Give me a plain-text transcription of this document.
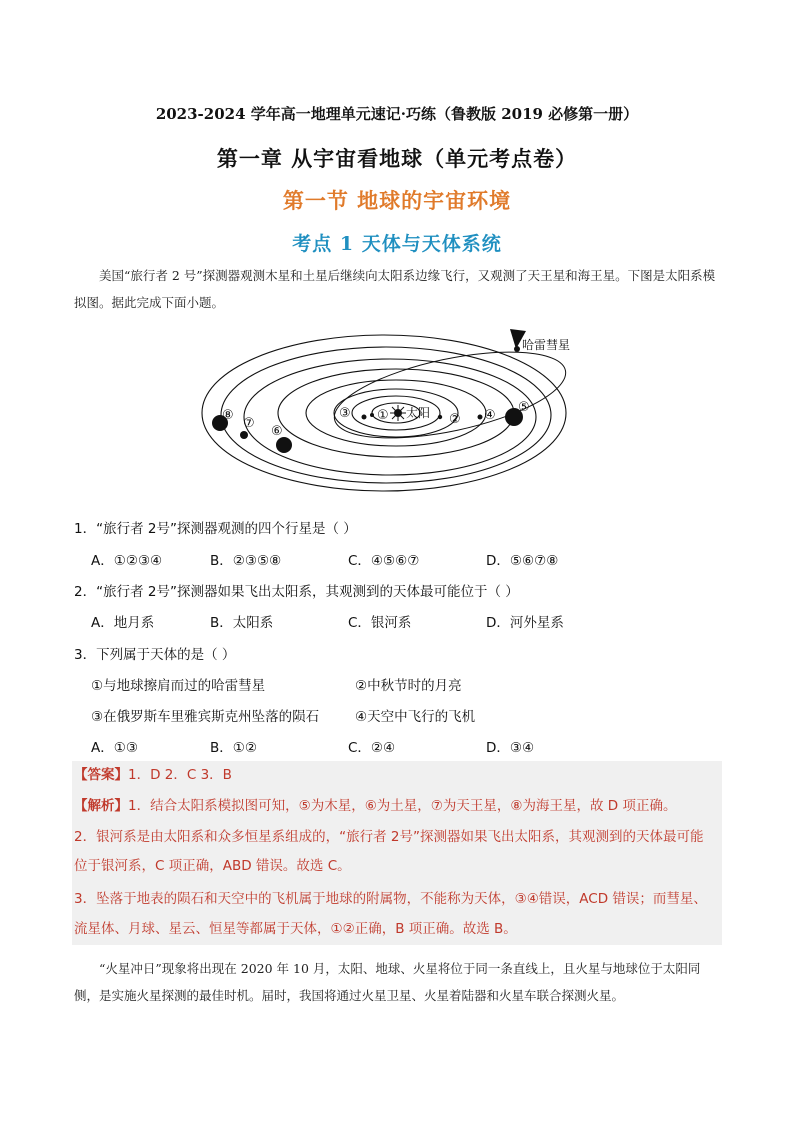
2023-2024 学年高一地理单元速记·巧练（鲁教版 2019 必修第一册）
第一章 从宇宙看地球（单元考点卷）
第一节 地球的宇宙环境
考点 1 天体与天体系统
美国“旅行者 2 号”探测器观测木星和土星后继续向太阳系边缘飞行，又观测了天王星和海王星。下图是太阳系模拟图。据此完成下面小题。
哈雷彗星
太阳
①	②
③	④
⑤
⑥
⑦
⑧
1．“旅行者 2号”探测器观测的四个行星是（ ）
A．①②③④	B．②③⑤⑧	C．④⑤⑥⑦	D．⑤⑥⑦⑧
2．“旅行者 2号”探测器如果飞出太阳系，其观测到的天体最可能位于（ ）
A．地月系	B．太阳系	C．银河系	D．河外星系
3．下列属于天体的是（ ）
①与地球擦肩而过的哈雷彗星	②中秋节时的月亮
③在俄罗斯车里雅宾斯克州坠落的陨石	④天空中飞行的飞机
A．①③	B．①②	C．②④	D．③④
【答案】1．D 2．C 3．B
【解析】1．结合太阳系模拟图可知，⑤为木星，⑥为土星，⑦为天王星，⑧为海王星，故 D 项正确。
2．银河系是由太阳系和众多恒星系组成的，“旅行者 2号”探测器如果飞出太阳系，其观测到的天体最可能
位于银河系，C 项正确，ABD 错误。故选 C。
3．坠落于地表的陨石和天空中的飞机属于地球的附属物，不能称为天体，③④错误，ACD 错误；而彗星、
流星体、月球、星云、恒星等都属于天体，①②正确，B 项正确。故选 B。
“火星冲日”现象将出现在 2020 年 10 月，太阳、地球、火星将位于同一条直线上，且火星与地球位于太阳同侧，是实施火星探测的最佳时机。届时，我国将通过火星卫星、火星着陆器和火星车联合探测火星。
